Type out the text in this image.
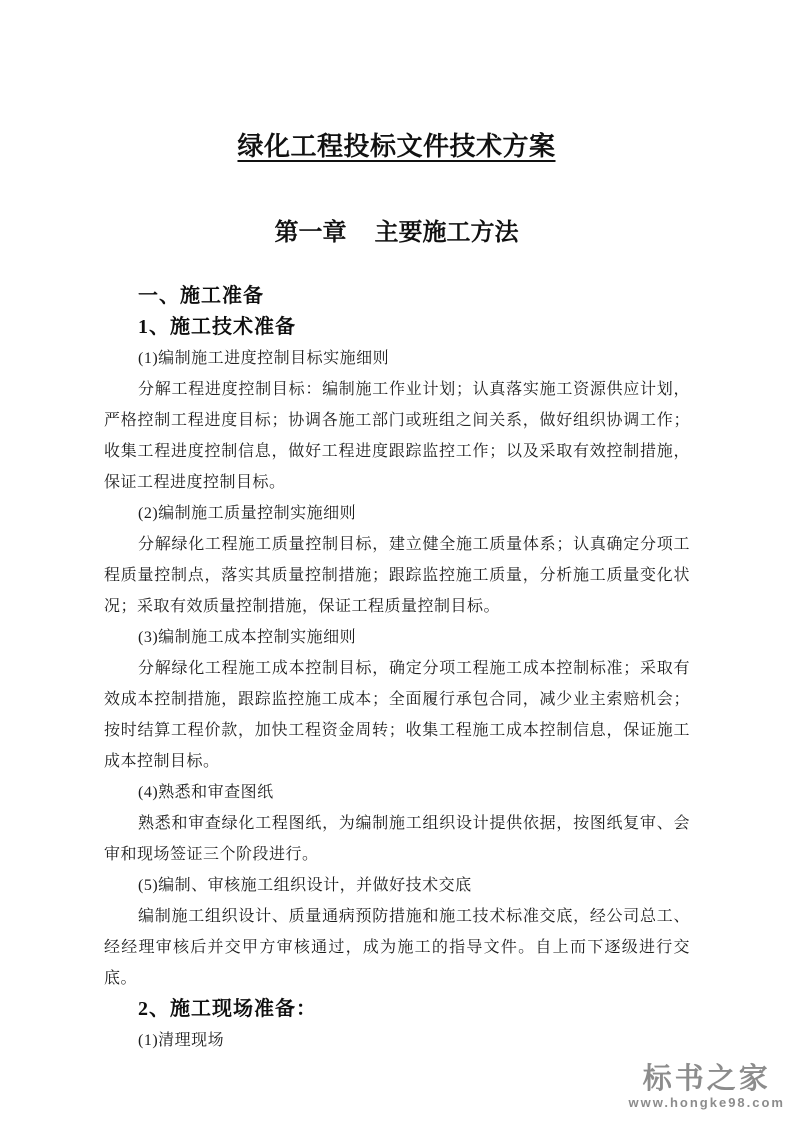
绿化工程投标文件技术方案
第一章 主要施工方法

一、施工准备

1、施工技术准备

(1)编制施工进度控制目标实施细则

分解工程进度控制目标：编制施工作业计划；认真落实施工资源供应计划，严格控制工程进度目标；协调各施工部门或班组之间关系，做好组织协调工作；收集工程进度控制信息，做好工程进度跟踪监控工作；以及采取有效控制措施，保证工程进度控制目标。

(2)编制施工质量控制实施细则

分解绿化工程施工质量控制目标，建立健全施工质量体系；认真确定分项工程质量控制点，落实其质量控制措施；跟踪监控施工质量，分析施工质量变化状况；采取有效质量控制措施，保证工程质量控制目标。

(3)编制施工成本控制实施细则

分解绿化工程施工成本控制目标，确定分项工程施工成本控制标准；采取有效成本控制措施，跟踪监控施工成本；全面履行承包合同，减少业主索赔机会；按时结算工程价款，加快工程资金周转；收集工程施工成本控制信息，保证施工成本控制目标。

(4)熟悉和审查图纸

熟悉和审查绿化工程图纸，为编制施工组织设计提供依据，按图纸复审、会审和现场签证三个阶段进行。

(5)编制、审核施工组织设计，并做好技术交底

编制施工组织设计、质量通病预防措施和施工技术标准交底，经公司总工、经经理审核后并交甲方审核通过，成为施工的指导文件。自上而下逐级进行交底。

2、施工现场准备：

(1)清理现场

标书之家
www.hongke98.com
